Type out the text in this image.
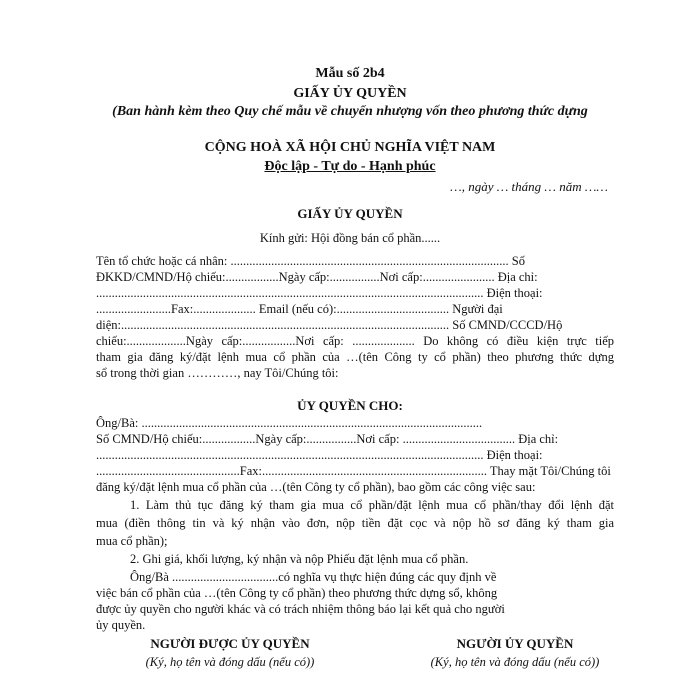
Mẫu số 2b4
GIẤY ỦY QUYỀN
(Ban hành kèm theo Quy chế mẫu về chuyển nhượng vốn theo phương thức dựng
CỘNG HOÀ XÃ HỘI CHỦ NGHĨA VIỆT NAM
Độc lập - Tự do - Hạnh phúc
…, ngày … tháng … năm ……
GIẤY ỦY QUYỀN
Kính gửi: Hội đồng bán cổ phần......
Tên tổ chức hoặc cá nhân: ......................................................................................... Số
ĐKKD/CMND/Hộ chiếu:.................Ngày cấp:................Nơi cấp:....................... Địa chỉ:
............................................................................................................................ Điện thoại:
........................Fax:.................... Email (nếu có):.................................... Người đại
diện:......................................................................................................... Số CMND/CCCD/Hộ
chiếu:...................Ngày cấp:.................Nơi cấp: .................... Do không có điều kiện trực tiếp
tham gia đăng ký/đặt lệnh mua cổ phần của …(tên Công ty cổ phần) theo phương thức dựng
sổ trong thời gian …………, nay Tôi/Chúng tôi:
ỦY QUYỀN CHO:
Ông/Bà: .............................................................................................................
Số CMND/Hộ chiếu:.................Ngày cấp:................Nơi cấp: .................................... Địa chỉ:
............................................................................................................................ Điện thoại:
..............................................Fax:........................................................................ Thay mặt Tôi/Chúng tôi
đăng ký/đặt lệnh mua cổ phần của …(tên Công ty cổ phần), bao gồm các công việc sau:
1. Làm thủ tục đăng ký tham gia mua cổ phần/đặt lệnh mua cổ phần/thay đổi lệnh đặt
mua (điền thông tin và ký nhận vào đơn, nộp tiền đặt cọc và nộp hồ sơ đăng ký tham gia
mua cổ phần);
2. Ghi giá, khối lượng, ký nhận và nộp Phiếu đặt lệnh mua cổ phần.
Ông/Bà ..................................có nghĩa vụ thực hiện đúng các quy định về
việc bán cổ phần của …(tên Công ty cổ phần) theo phương thức dựng sổ, không
được ủy quyền cho người khác và có trách nhiệm thông báo lại kết quả cho người
ủy quyền.
NGƯỜI ĐƯỢC ỦY QUYỀN
(Ký, họ tên và đóng dấu (nếu có))
NGƯỜI ỦY QUYỀN
(Ký, họ tên và đóng dấu (nếu có))
